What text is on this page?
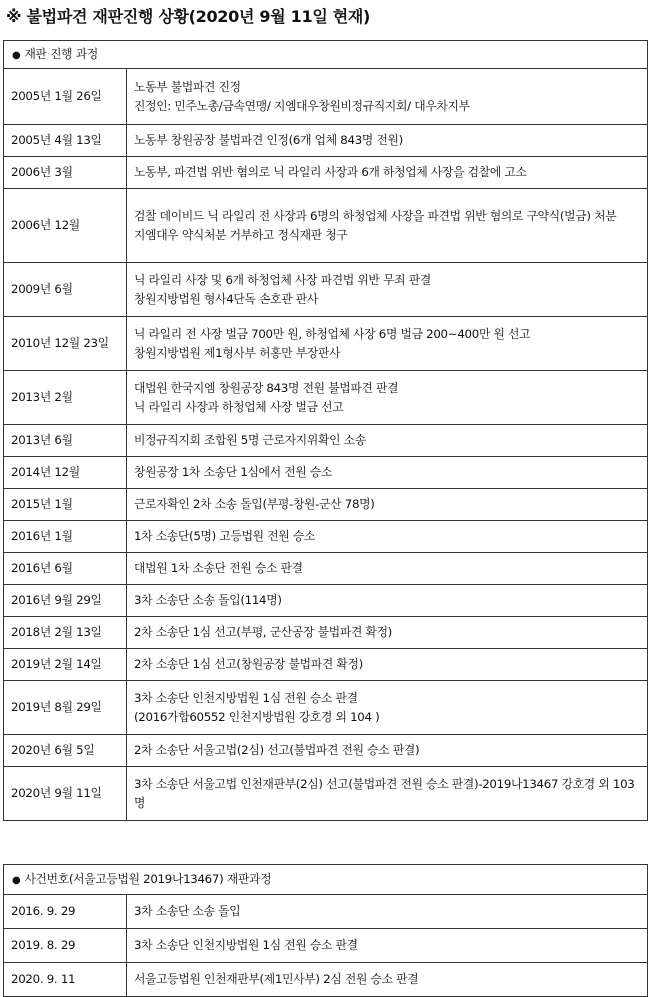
※ 불법파견 재판진행 상황(2020년 9월 11일 현재)
● 재판 진행 과정	
2005년 1월 26일	노동부 불법파견 진정
진정인: 민주노총/금속연맹/ 지엠대우창원비정규직지회/ 대우차지부

2005년 4월 13일	노동부 창원공장 불법파견 인정(6개 업체 843명 전원)

2006년 3월	노동부, 파견법 위반 혐의로 닉 라일리 사장과 6개 하청업체 사장을 검찰에 고소

2006년 12월	검찰 데이비드 닉 라일리 전 사장과 6명의 하청업체 사장을 파견법 위반 혐의로 구약식(벌금) 처분
지엠대우 약식처분 거부하고 정식재판 청구

2009년 6월	닉 라일리 사장 및 6개 하청업체 사장 파견법 위반 무죄 판결
창원지방법원 형사4단독 손호관 판사

2010년 12월 23일	닉 라일리 전 사장 벌금 700만 원, 하청업체 사장 6명 벌금 200~400만 원 선고
창원지방법원 제1형사부 허홍만 부장판사

2013년 2월	대법원 한국지엠 창원공장 843명 전원 불법파견 판결
닉 라일리 사장과 하청업체 사장 벌금 선고

2013년 6월	비정규직지회 조합원 5명 근로자지위확인 소송

2014년 12월	창원공장 1차 소송단 1심에서 전원 승소

2015년 1월	근로자확인 2차 소송 돌입(부평-창원-군산 78명)

2016년 1월	1차 소송단(5명) 고등법원 전원 승소

2016년 6월	대법원 1차 소송단 전원 승소 판결

2016년 9월 29일	3차 소송단 소송 돌입(114명)

2018년 2월 13일	2차 소송단 1심 선고(부평, 군산공장 불법파견 확정)

2019년 2월 14일	2차 소송단 1심 선고(창원공장 불법파견 확정)

2019년 8월 29일	3차 소송단 인천지방법원 1심 전원 승소 판결
(2016가합60552 인천지방법원 강호경 외 104 )

2020년 6월 5일	2차 소송단 서울고법(2심) 선고(불법파견 전원 승소 판결)

2020년 9월 11일	3차 소송단 서울고법 인천재판부(2심) 선고(불법파견 전원 승소 판결)-2019나13467 강호경 외 103명
● 사건번호(서울고등법원 2019나13467) 재판과정	
2016. 9. 29	3차 소송단 소송 돌입

2019. 8. 29	3차 소송단 인천지방법원 1심 전원 승소 판결

2020. 9. 11	서울고등법원 인천재판부(제1민사부) 2심 전원 승소 판결
